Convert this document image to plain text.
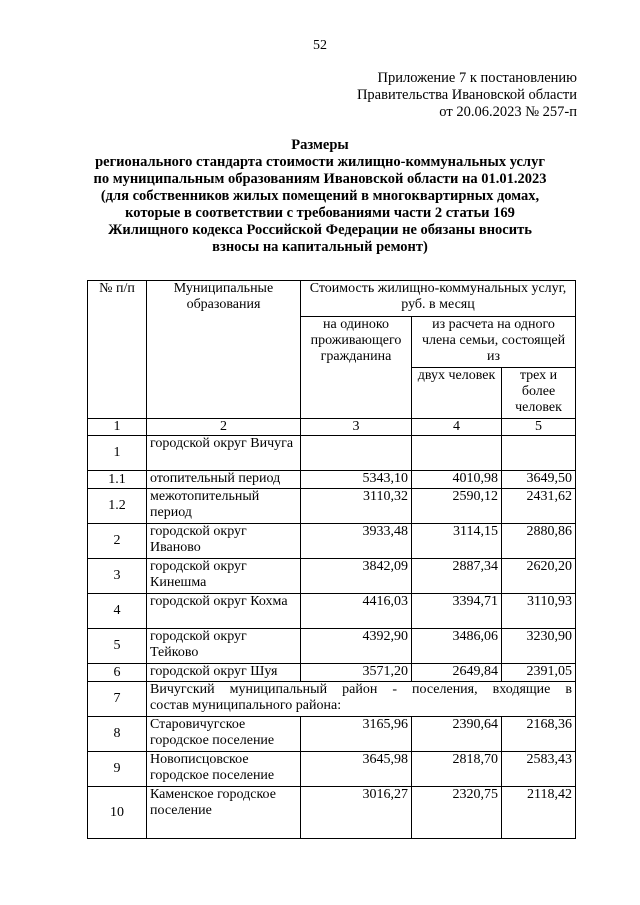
52
Приложение 7 к постановлению
Правительства Ивановской области
от 20.06.2023 № 257-п
Размеры
регионального стандарта стоимости жилищно-коммунальных услуг
по муниципальным образованиям Ивановской области на 01.01.2023
(для собственников жилых помещений в многоквартирных домах,
которые в соответствии с требованиями части 2 статьи 169
Жилищного кодекса Российской Федерации не обязаны вносить
взносы на капитальный ремонт)
№ п/п	Муниципальные образования	Стоимость жилищно-коммунальных услуг, руб. в месяц		
		на одиноко проживающего гражданина	из расчета на одного члена семьи, состоящей из	
			двух человек	трех и более человек
1	2	3	4	5
1	городской округ Вичуга			
1.1	отопительный период	5343,10	4010,98	3649,50
1.2	межотопительный период	3110,32	2590,12	2431,62
2	городской округ Иваново	3933,48	3114,15	2880,86
3	городской округ Кинешма	3842,09	2887,34	2620,20
4	городской округ Кохма	4416,03	3394,71	3110,93
5	городской округ Тейково	4392,90	3486,06	3230,90
6	городской округ Шуя	3571,20	2649,84	2391,05
7	Вичугский муниципальный район - поселения, входящие в
состав муниципального района:			

8	Старовичугское городское поселение	3165,96	2390,64	2168,36
9	Новописцовское городское поселение	3645,98	2818,70	2583,43
10	Каменское городское поселение	3016,27	2320,75	2118,42
